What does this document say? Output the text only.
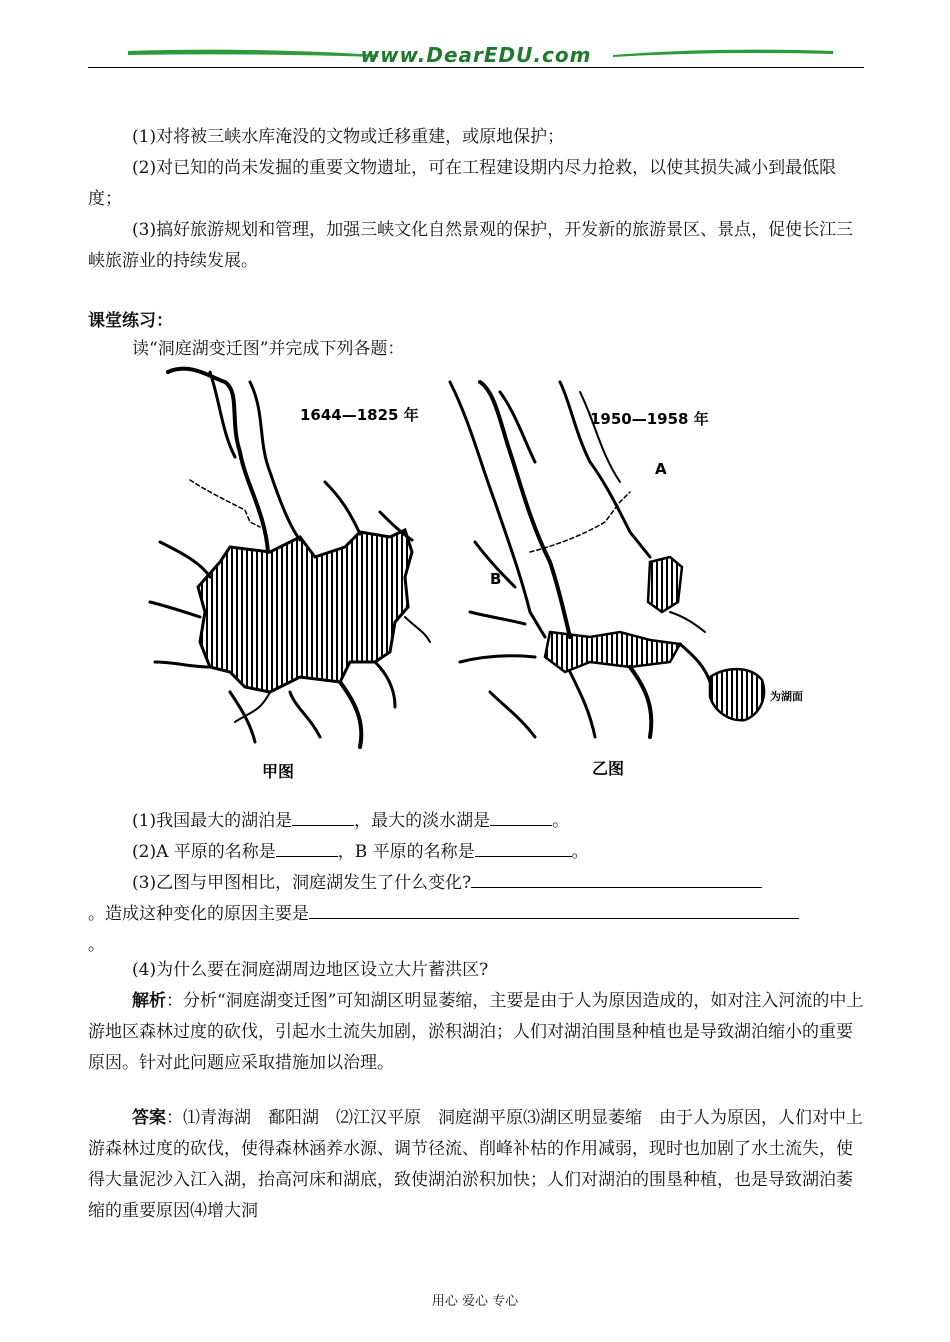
www.DearEDU.com
(1)对将被三峡水库淹没的文物或迁移重建，或原地保护；
(2)对已知的尚未发掘的重要文物遗址，可在工程建设期内尽力抢救，以使其损失减小到最低限度；
(3)搞好旅游规划和管理，加强三峡文化自然景观的保护，开发新的旅游景区、景点，促使长江三峡旅游业的持续发展。
课堂练习：
读“洞庭湖变迁图”并完成下列各题：
1644—1825 年
甲图
1950—1958 年
A
B
为湖面
乙图
(1)我国最大的湖泊是	，最大的淡水湖是	。
(2)A 平原的名称是	，B 平原的名称是	。
(3)乙图与甲图相比，洞庭湖发生了什么变化?
。造成这种变化的原因主要是
。
(4)为什么要在洞庭湖周边地区设立大片蓄洪区?
解析：分析“洞庭湖变迁图”可知湖区明显萎缩，主要是由于人为原因造成的，如对注入河流的中上游地区森林过度的砍伐，引起水土流失加剧，淤积湖泊；人们对湖泊围垦种植也是导致湖泊缩小的重要原因。针对此问题应采取措施加以治理。
答案：⑴青海湖　鄱阳湖　⑵江汉平原　洞庭湖平原⑶湖区明显萎缩　由于人为原因，人们对中上游森林过度的砍伐，使得森林涵养水源、调节径流、削峰补枯的作用减弱，现时也加剧了水土流失，使得大量泥沙入江入湖，抬高河床和湖底，致使湖泊淤积加快；人们对湖泊的围垦种植，也是导致湖泊萎缩的重要原因⑷增大洞
用心 爱心 专心
